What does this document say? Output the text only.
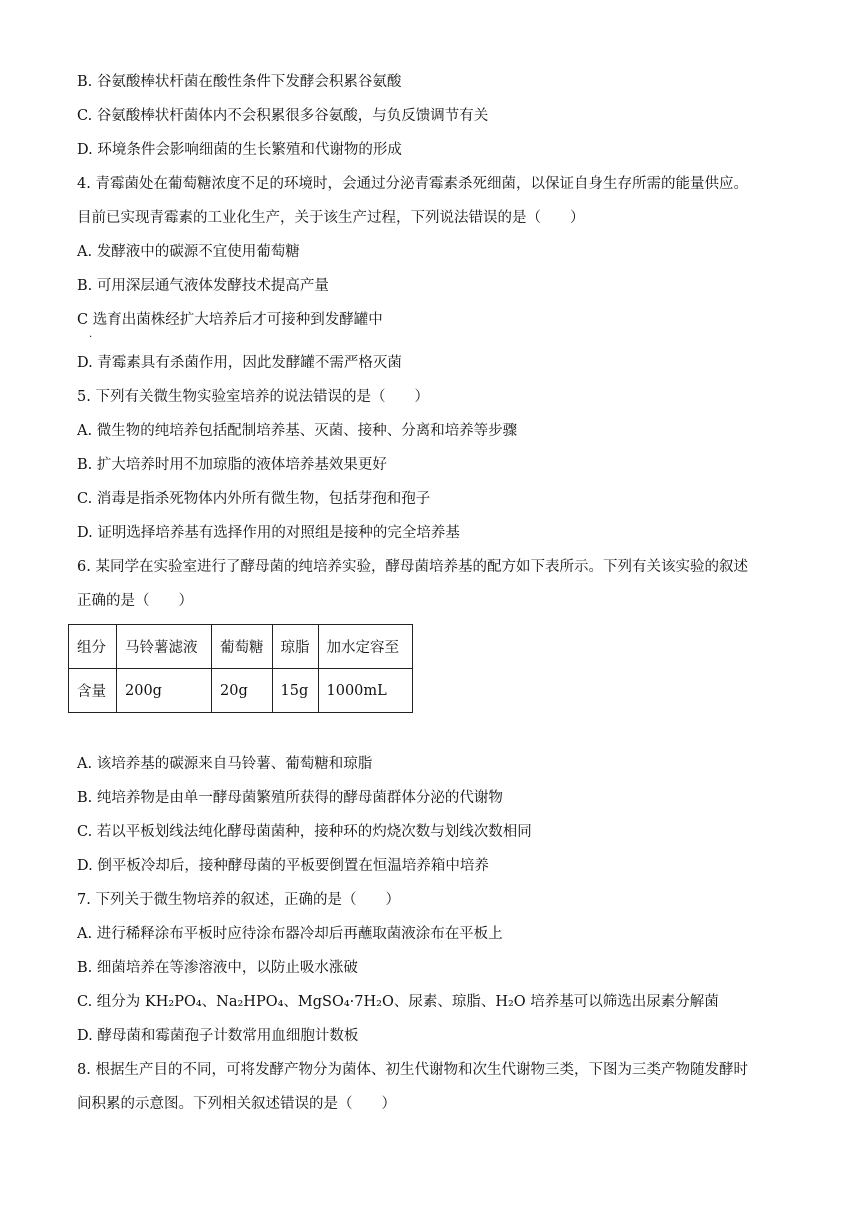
B. 谷氨酸棒状杆菌在酸性条件下发酵会积累谷氨酸
C. 谷氨酸棒状杆菌体内不会积累很多谷氨酸，与负反馈调节有关
D. 环境条件会影响细菌的生长繁殖和代谢物的形成
4. 青霉菌处在葡萄糖浓度不足的环境时，会通过分泌青霉素杀死细菌，以保证自身生存所需的能量供应。
目前已实现青霉素的工业化生产，关于该生产过程，下列说法错误的是（　　）
A. 发酵液中的碳源不宜使用葡萄糖
B. 可用深层通气液体发酵技术提高产量
C 选育出菌株经扩大培养后才可接种到发酵罐中
·
D. 青霉素具有杀菌作用，因此发酵罐不需严格灭菌
5. 下列有关微生物实验室培养的说法错误的是（　　）
A. 微生物的纯培养包括配制培养基、灭菌、接种、分离和培养等步骤
B. 扩大培养时用不加琼脂的液体培养基效果更好
C. 消毒是指杀死物体内外所有微生物，包括芽孢和孢子
D. 证明选择培养基有选择作用的对照组是接种的完全培养基
6. 某同学在实验室进行了酵母菌的纯培养实验，酵母菌培养基的配方如下表所示。下列有关该实验的叙述
正确的是（　　）
组分	马铃薯滤液	葡萄糖	琼脂	加水定容至
含量	200g	20g	15g	1000mL
A. 该培养基的碳源来自马铃薯、葡萄糖和琼脂
B. 纯培养物是由单一酵母菌繁殖所获得的酵母菌群体分泌的代谢物
C. 若以平板划线法纯化酵母菌菌种，接种环的灼烧次数与划线次数相同
D. 倒平板冷却后，接种酵母菌的平板要倒置在恒温培养箱中培养
7. 下列关于微生物培养的叙述，正确的是（　　）
A. 进行稀释涂布平板时应待涂布器冷却后再蘸取菌液涂布在平板上
B. 细菌培养在等渗溶液中，以防止吸水涨破
C. 组分为 KH₂PO₄、Na₂HPO₄、MgSO₄·7H₂O、尿素、琼脂、H₂O 培养基可以筛选出尿素分解菌
D. 酵母菌和霉菌孢子计数常用血细胞计数板
8. 根据生产目的不同，可将发酵产物分为菌体、初生代谢物和次生代谢物三类，下图为三类产物随发酵时
间积累的示意图。下列相关叙述错误的是（　　）
